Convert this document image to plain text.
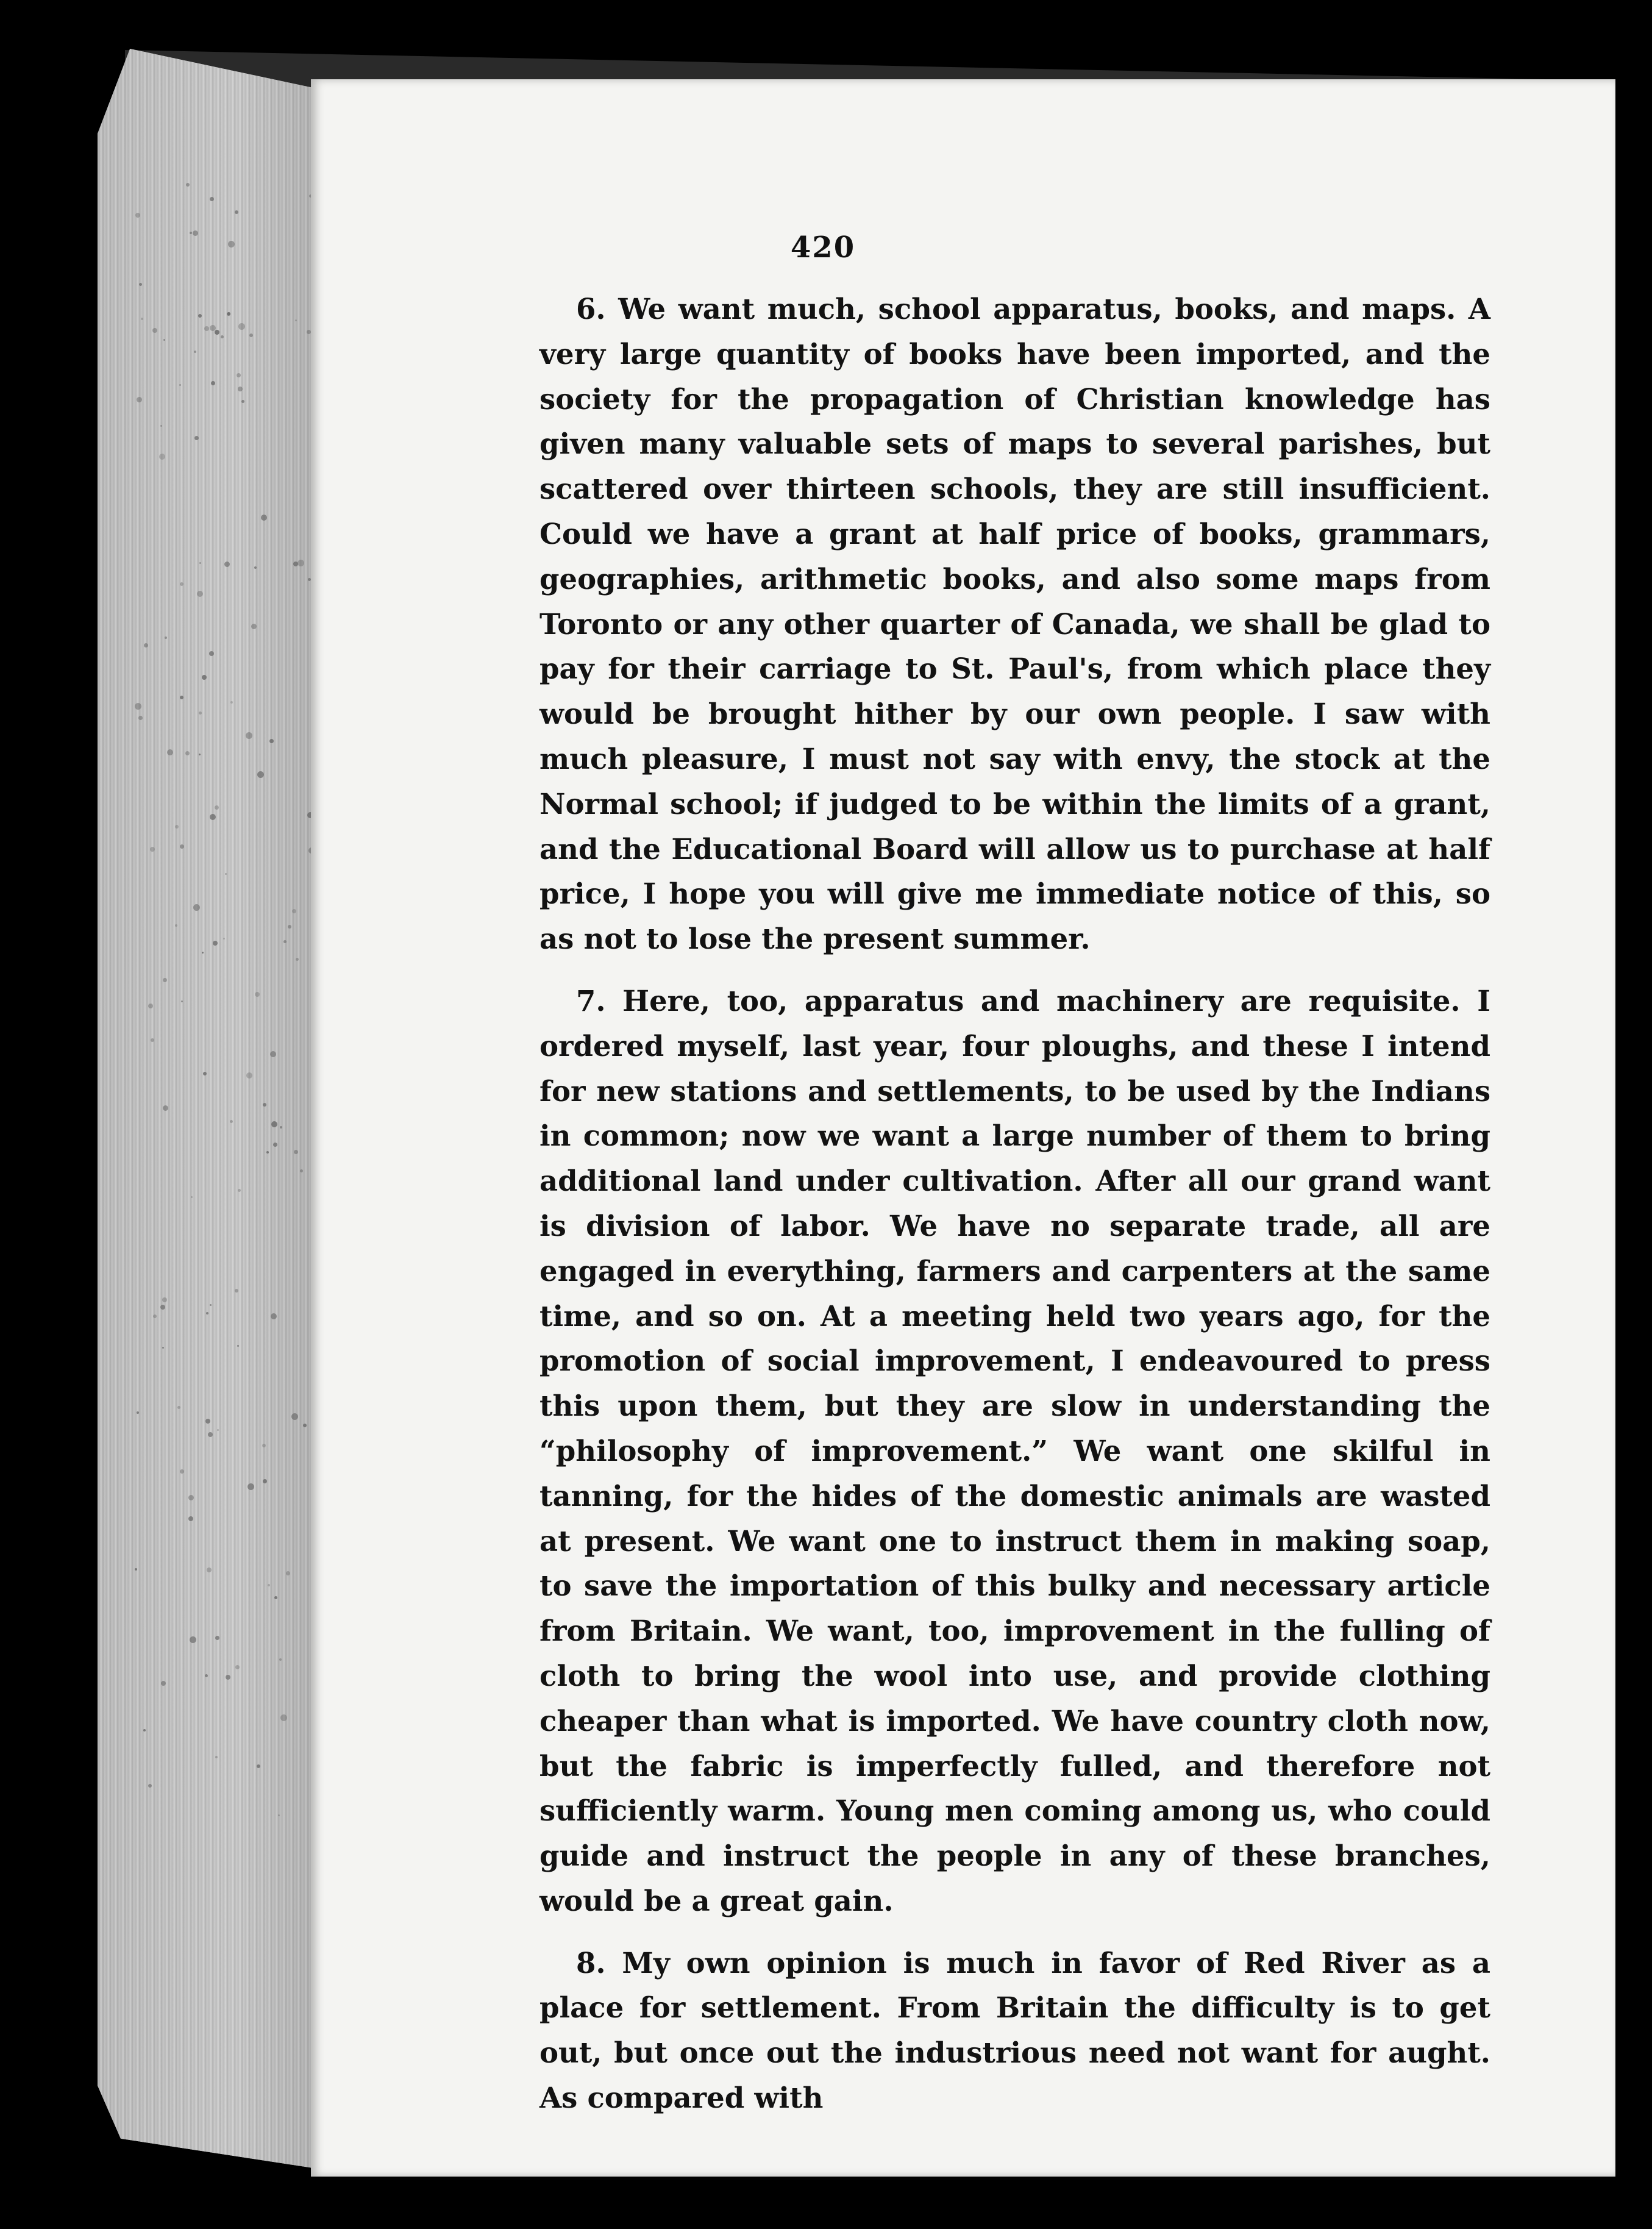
420

6. We want much, school apparatus, books, and maps. A very large quantity of books have been imported, and the society for the propagation of Christian knowledge has given many valuable sets of maps to several parishes, but scattered over thirteen schools, they are still insufficient. Could we have a grant at half price of books, grammars, geographies, arithmetic books, and also some maps from Toronto or any other quarter of Canada, we shall be glad to pay for their carriage to St. Paul's, from which place they would be brought hither by our own people. I saw with much pleasure, I must not say with envy, the stock at the Normal school; if judged to be within the limits of a grant, and the Educational Board will allow us to purchase at half price, I hope you will give me immediate notice of this, so as not to lose the present summer.

7. Here, too, apparatus and machinery are requisite. I ordered myself, last year, four ploughs, and these I intend for new stations and settlements, to be used by the Indians in common; now we want a large number of them to bring additional land under cultivation. After all our grand want is division of labor. We have no separate trade, all are engaged in everything, farmers and carpenters at the same time, and so on. At a meeting held two years ago, for the promotion of social improvement, I endeavoured to press this upon them, but they are slow in understanding the “philosophy of improvement.” We want one skilful in tanning, for the hides of the domestic animals are wasted at present. We want one to instruct them in making soap, to save the importation of this bulky and necessary article from Britain. We want, too, improvement in the fulling of cloth to bring the wool into use, and provide clothing cheaper than what is imported. We have country cloth now, but the fabric is imperfectly fulled, and therefore not sufficiently warm. Young men coming among us, who could guide and instruct the people in any of these branches, would be a great gain.

8. My own opinion is much in favor of Red River as a place for settlement. From Britain the difficulty is to get out, but once out the industrious need not want for aught. As compared with
